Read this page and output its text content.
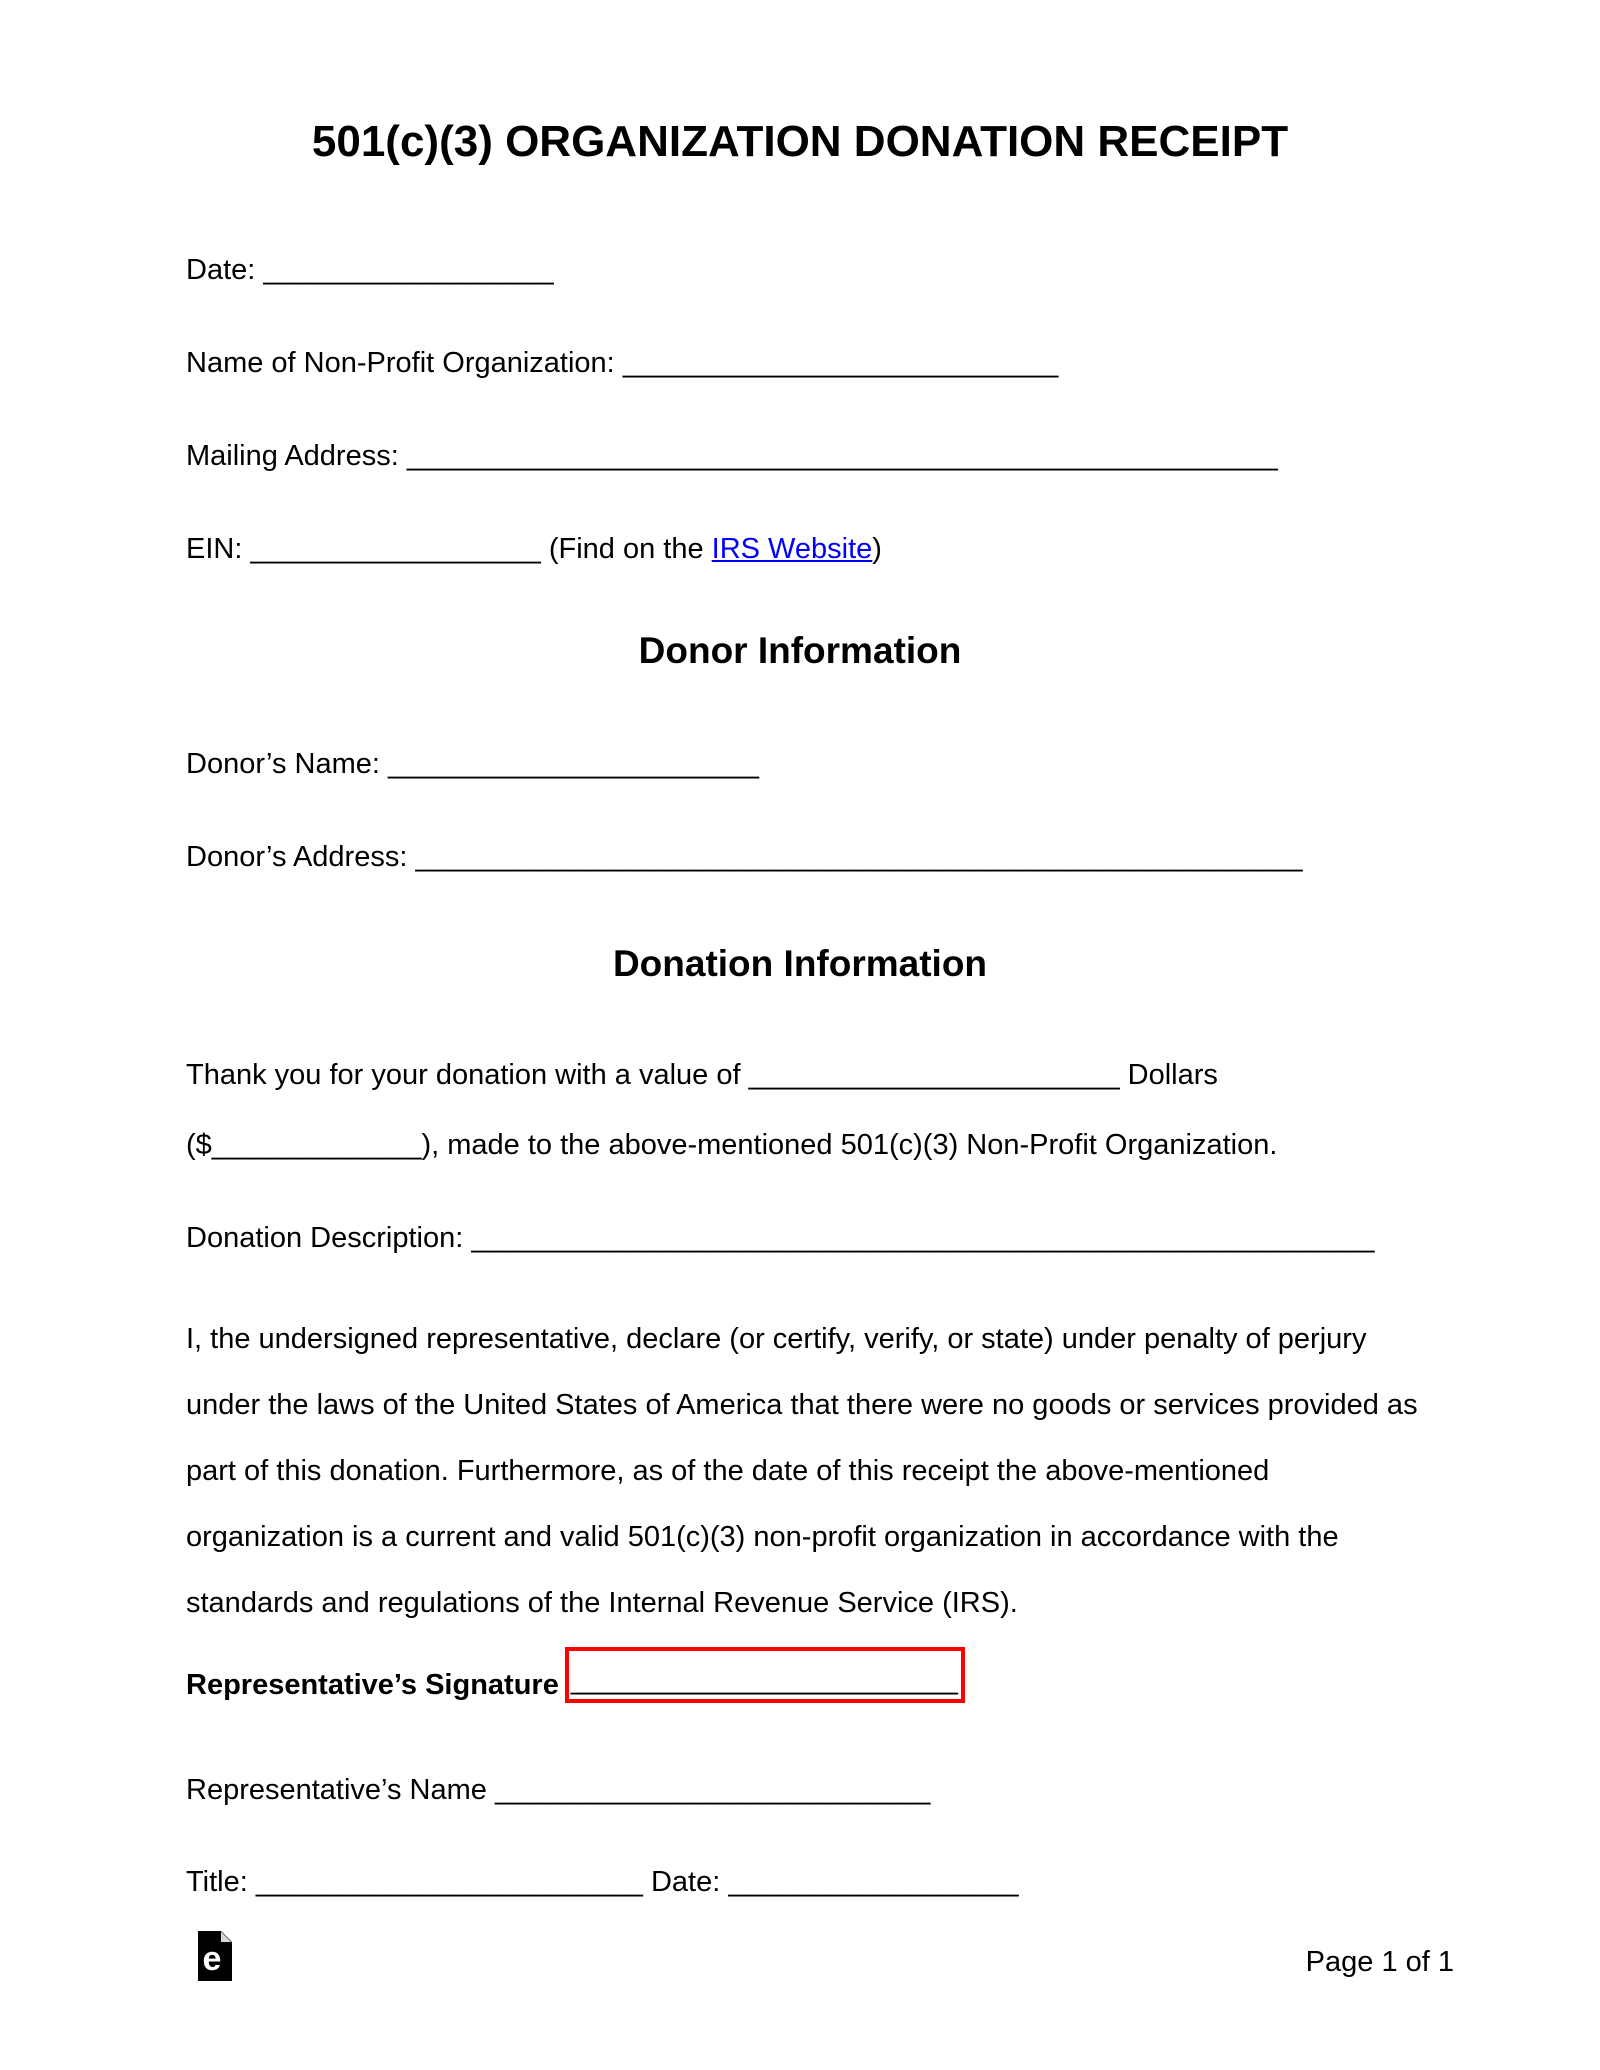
501(c)(3) ORGANIZATION DONATION RECEIPT
Date: __________________
Name of Non-Profit Organization: ___________________________
Mailing Address: ______________________________________________________
EIN: __________________ (Find on the IRS Website)
Donor Information
Donor’s Name: _______________________
Donor’s Address: _______________________________________________________
Donation Information
Thank you for your donation with a value of _______________________ Dollars
($_____________), made to the above-mentioned 501(c)(3) Non-Profit Organization.
Donation Description: ________________________________________________________
I, the undersigned representative, declare (or certify, verify, or state) under penalty of perjury
under the laws of the United States of America that there were no goods or services provided as
part of this donation. Furthermore, as of the date of this receipt the above-mentioned
organization is a current and valid 501(c)(3) non-profit organization in accordance with the
standards and regulations of the Internal Revenue Service (IRS).
Representative’s Signature ________________________
Representative’s Name ___________________________
Title: ________________________ Date: __________________
e	Page 1 of 1
